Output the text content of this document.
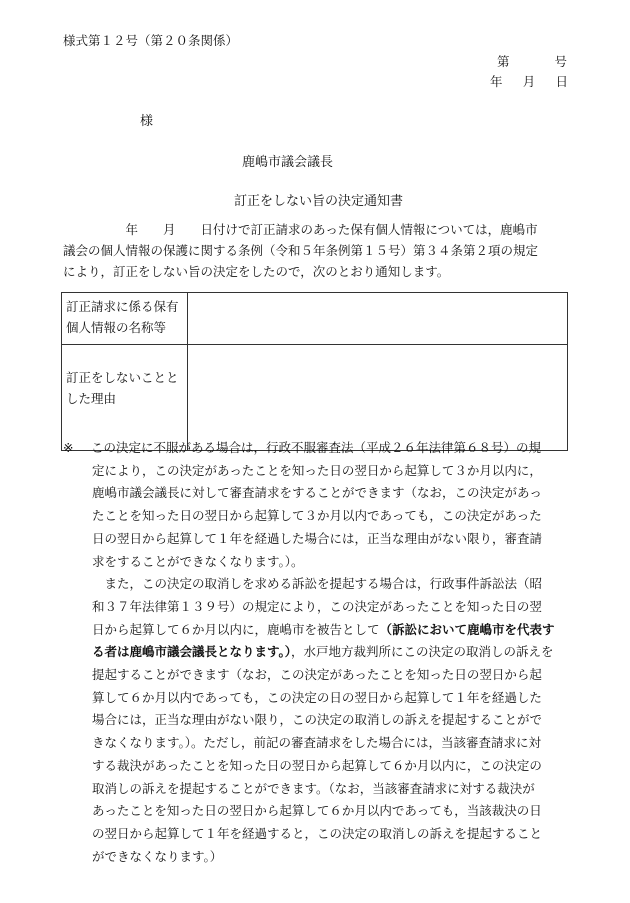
様式第１２号（第２０条関係）
第	号
年 月 日
様
鹿嶋市議会議長
訂正をしない旨の決定通知書
　　　　　年　　月　　日付けで訂正請求のあった保有個人情報については，鹿嶋市
議会の個人情報の保護に関する条例（令和５年条例第１５号）第３４条第２項の規定
により，訂正をしない旨の決定をしたので，次のとおり通知します。
訂正請求に係る保有
個人情報の名称等	

訂正をしないことと
した理由	

※ この決定に不服がある場合は，行政不服審査法（平成２６年法律第６８号）の規
定により，この決定があったことを知った日の翌日から起算して３か月以内に，
鹿嶋市議会議長に対して審査請求をすることができます（なお，この決定があっ
たことを知った日の翌日から起算して３か月以内であっても，この決定があった
日の翌日から起算して１年を経過した場合には，正当な理由がない限り，審査請
求をすることができなくなります。）。
　また，この決定の取消しを求める訴訟を提起する場合は，行政事件訴訟法（昭
和３７年法律第１３９号）の規定により，この決定があったことを知った日の翌
日から起算して６か月以内に，鹿嶋市を被告として（訴訟において鹿嶋市を代表す
る者は鹿嶋市議会議長となります。），水戸地方裁判所にこの決定の取消しの訴えを
提起することができます（なお，この決定があったことを知った日の翌日から起
算して６か月以内であっても，この決定の日の翌日から起算して１年を経過した
場合には，正当な理由がない限り，この決定の取消しの訴えを提起することがで
きなくなります。）。ただし，前記の審査請求をした場合には，当該審査請求に対
する裁決があったことを知った日の翌日から起算して６か月以内に，この決定の
取消しの訴えを提起することができます。（なお，当該審査請求に対する裁決が
あったことを知った日の翌日から起算して６か月以内であっても，当該裁決の日
の翌日から起算して１年を経過すると，この決定の取消しの訴えを提起すること
ができなくなります。）
